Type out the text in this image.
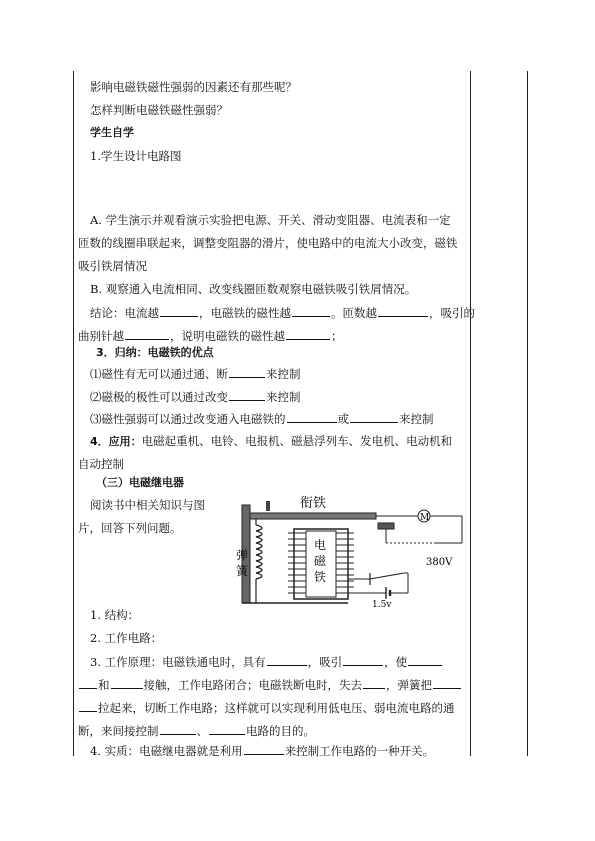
影响电磁铁磁性强弱的因素还有那些呢？
怎样判断电磁铁磁性强弱？
学生自学
1.学生设计电路图
A. 学生演示并观看演示实验把电源、开关、滑动变阻器、电流表和一定
匝数的线圈串联起来，调整变阻器的滑片，使电路中的电流大小改变，磁铁
吸引铁屑情况
B. 观察通入电流相同、改变线圈匝数观察电磁铁吸引铁屑情况。
结论：电流越	，电磁铁的磁性越	。匝数越	，吸引的
曲别针越	，说明电磁铁的磁性越	；
3．归纳：电磁铁的优点
⑴磁性有无可以通过通、断	来控制
⑵磁极的极性可以通过改变	来控制
⑶磁性强弱可以通过改变通入电磁铁的	或	来控制
4．应用：电磁起重机、电铃、电报机、磁悬浮列车、发电机、电动机和
自动控制
（三）电磁继电器
阅读书中相关知识与图
片，回答下列问题。
弹簧
电磁铁
衔铁
M
380V
1.5v
1. 结构：
2. 工作电路：
3. 工作原理：电磁铁通电时，具有	，吸引	，使
和	接触，工作电路闭合；电磁铁断电时，失去 ，弹簧把
拉起来，切断工作电路；这样就可以实现利用低电压、弱电流电路的通
断，来间接控制	、	电路的目的。
4. 实质：电磁继电器就是利用	来控制工作电路的一种开关。
